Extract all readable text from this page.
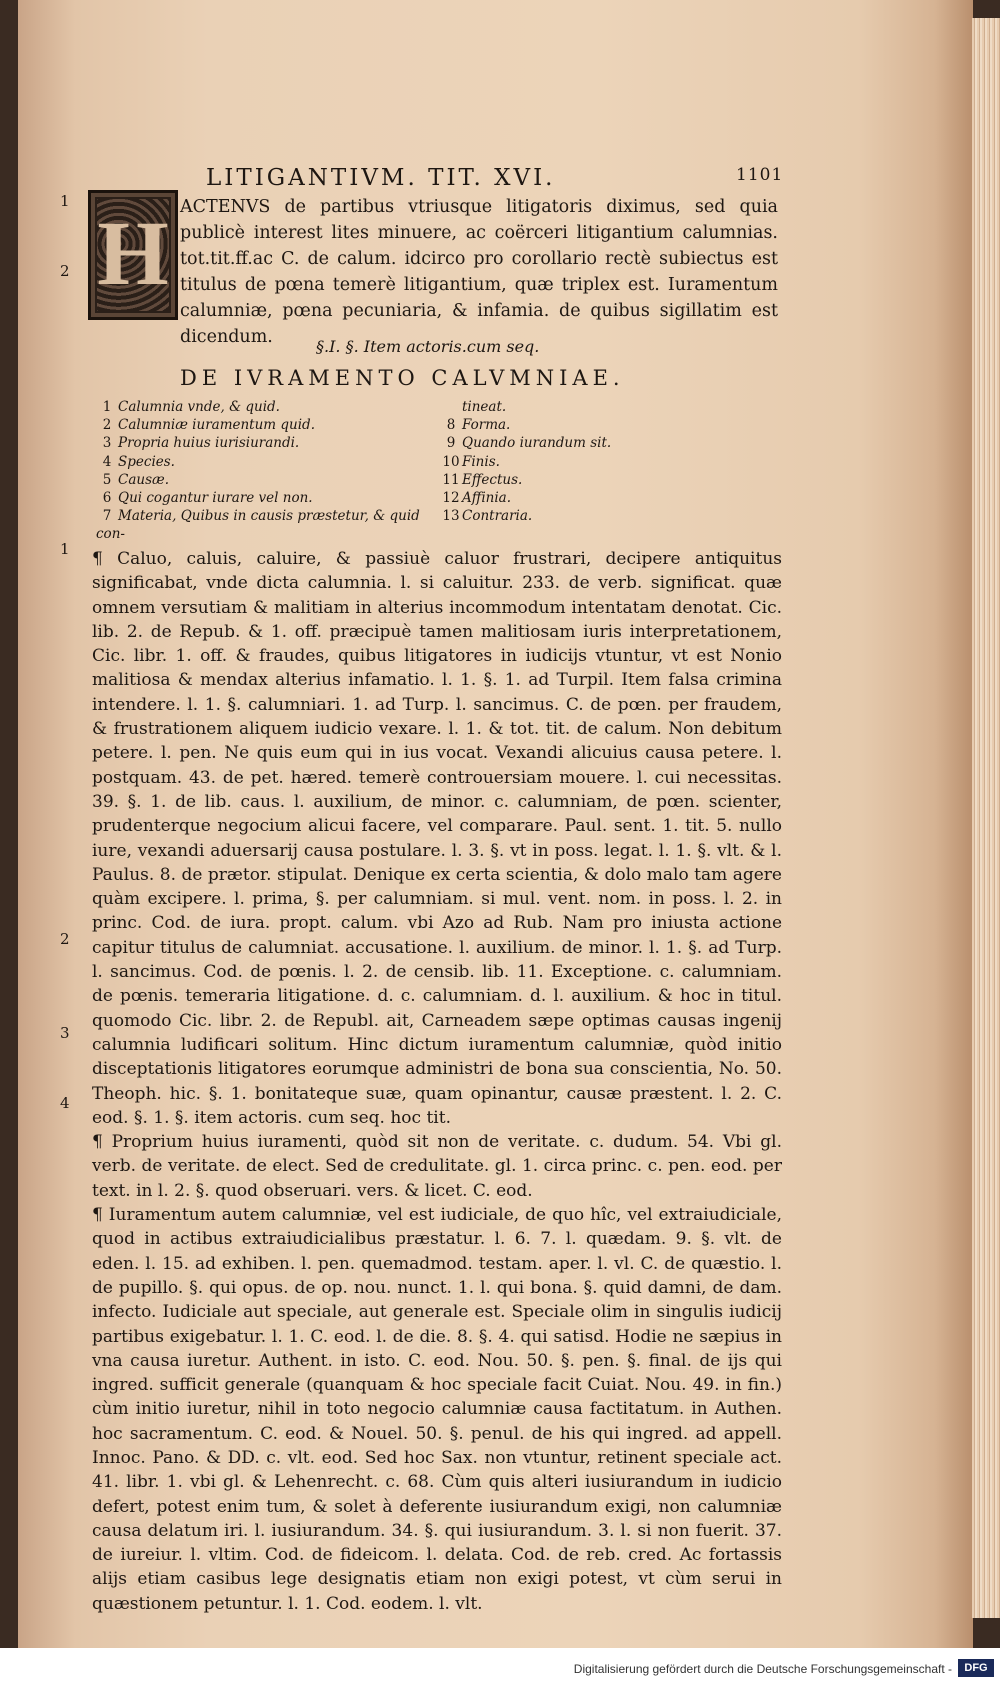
LITIGANTIVM. TIT. XVI.	1101
1
2 H ACTENVS de partibus vtriusque litigatoris diximus, sed quia publicè interest lites minuere, ac coërceri litigantium calumnias. tot.tit.ff.ac C. de calum. idcirco pro corollario rectè subiectus est titulus de pœna temerè litigantium, quæ triplex est. Iuramentum calumniæ, pœna pecuniaria, & infamia. de quibus sigillatim est dicendum.	§.I. §. Item actoris.cum seq.
DE IVRAMENTO CALVMNIAE.
1 Calumnia vnde, & quid.
2 Calumniæ iuramentum quid.
3 Propria huius iurisiurandi.
4 Species.
5 Causæ.
6 Qui cogantur iurare vel non.
7 Materia, Quibus in causis præstetur, & quid con-
tineat.
8 Forma.
9 Quando iurandum sit.
10 Finis.
11 Effectus.
12 Affinia.
13 Contraria.
1
2
3
4

¶ Caluo, caluis, caluire, & passiuè caluor frustrari, decipere antiquitus significabat, vnde dicta calumnia. l. si caluitur. 233. de verb. significat. quæ omnem versutiam & malitiam in alterius incommodum intentatam denotat. Cic. lib. 2. de Repub. & 1. off. præcipuè tamen malitiosam iuris interpretationem, Cic. libr. 1. off. & fraudes, quibus litigatores in iudicijs vtuntur, vt est Nonio malitiosa & mendax alterius infamatio. l. 1. §. 1. ad Turpil. Item falsa crimina intendere. l. 1. §. calumniari. 1. ad Turp. l. sancimus. C. de pœn. per fraudem, & frustrationem aliquem iudicio vexare. l. 1. & tot. tit. de calum. Non debitum petere. l. pen. Ne quis eum qui in ius vocat. Vexandi alicuius causa petere. l. postquam. 43. de pet. hæred. temerè controuersiam mouere. l. cui necessitas. 39. §. 1. de lib. caus. l. auxilium, de minor. c. calumniam, de pœn. scienter, prudenterque negocium alicui facere, vel comparare. Paul. sent. 1. tit. 5. nullo iure, vexandi aduersarij causa postulare. l. 3. §. vt in poss. legat. l. 1. §. vlt. & l. Paulus. 8. de prætor. stipulat. Denique ex certa scientia, & dolo malo tam agere quàm excipere. l. prima, §. per calumniam. si mul. vent. nom. in poss. l. 2. in princ. Cod. de iura. propt. calum. vbi Azo ad Rub. Nam pro iniusta actione capitur titulus de calumniat. accusatione. l. auxilium. de minor. l. 1. §. ad Turp. l. sancimus. Cod. de pœnis. l. 2. de censib. lib. 11. Exceptione. c. calumniam. de pœnis. temeraria litigatione. d. c. calumniam. d. l. auxilium. & hoc in titul. quomodo Cic. libr. 2. de Republ. ait, Carneadem sæpe optimas causas ingenij calumnia ludificari solitum. Hinc dictum iuramentum calumniæ, quòd initio disceptationis litigatores eorumque administri de bona sua conscientia, No. 50. Theoph. hic. §. 1. bonitateque suæ, quam opinantur, causæ præstent. l. 2. C. eod. §. 1. §. item actoris. cum seq. hoc tit.

¶ Proprium huius iuramenti, quòd sit non de veritate. c. dudum. 54. Vbi gl. verb. de veritate. de elect. Sed de credulitate. gl. 1. circa princ. c. pen. eod. per text. in l. 2. §. quod obseruari. vers. & licet. C. eod.

¶ Iuramentum autem calumniæ, vel est iudiciale, de quo hîc, vel extraiudiciale, quod in actibus extraiudicialibus præstatur. l. 6. 7. l. quædam. 9. §. vlt. de eden. l. 15. ad exhiben. l. pen. quemadmod. testam. aper. l. vl. C. de quæstio. l. de pupillo. §. qui opus. de op. nou. nunct. 1. l. qui bona. §. quid damni, de dam. infecto. Iudiciale aut speciale, aut generale est. Speciale olim in singulis iudicij partibus exigebatur. l. 1. C. eod. l. de die. 8. §. 4. qui satisd. Hodie ne sæpius in vna causa iuretur. Authent. in isto. C. eod. Nou. 50. §. pen. §. final. de ijs qui ingred. sufficit generale (quanquam & hoc speciale facit Cuiat. Nou. 49. in fin.) cùm initio iuretur, nihil in toto negocio calumniæ causa factitatum. in Authen. hoc sacramentum. C. eod. & Nouel. 50. §. penul. de his qui ingred. ad appell. Innoc. Pano. & DD. c. vlt. eod. Sed hoc Sax. non vtuntur, retinent speciale act. 41. libr. 1. vbi gl. & Lehenrecht. c. 68. Cùm quis alteri iusiurandum in iudicio defert, potest enim tum, & solet à deferente iusiurandum exigi, non calumniæ causa delatum iri. l. iusiurandum. 34. §. qui iusiurandum. 3. l. si non fuerit. 37. de iureiur. l. vltim. Cod. de fideicom. l. delata. Cod. de reb. cred. Ac fortassis alijs etiam casibus lege designatis etiam non exigi potest, vt cùm serui in quæstionem petuntur. l. 1. Cod. eodem. l. vlt.

Digitalisierung gefördert durch die Deutsche Forschungsgemeinschaft -	DFG
